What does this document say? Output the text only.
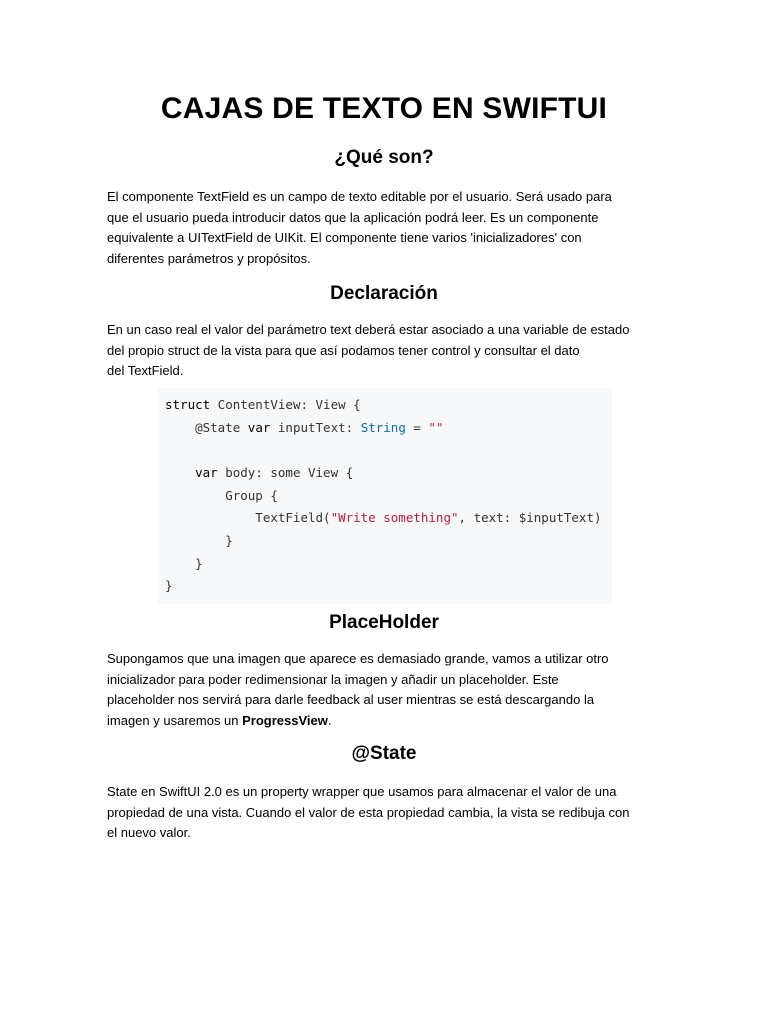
CAJAS DE TEXTO EN SWIFTUI
¿Qué son?
El componente TextField es un campo de texto editable por el usuario. Será usado para
que el usuario pueda introducir datos que la aplicación podrá leer. Es un componente
equivalente a UITextField de UIKit. El componente tiene varios 'inicializadores' con
diferentes parámetros y propósitos.
Declaración
En un caso real el valor del parámetro text deberá estar asociado a una variable de estado
del propio struct de la vista para que así podamos tener control y consultar el dato
del TextField.
struct ContentView: View {
@State var inputText: String = ""
var body: some View {
Group {
TextField("Write something", text: $inputText)
}
}
}
PlaceHolder
Supongamos que una imagen que aparece es demasiado grande, vamos a utilizar otro
inicializador para poder redimensionar la imagen y añadir un placeholder. Este
placeholder nos servirá para darle feedback al user mientras se está descargando la
imagen y usaremos un ProgressView.
@State
State en SwiftUI 2.0 es un property wrapper que usamos para almacenar el valor de una
propiedad de una vista. Cuando el valor de esta propiedad cambia, la vista se redibuja con
el nuevo valor.
